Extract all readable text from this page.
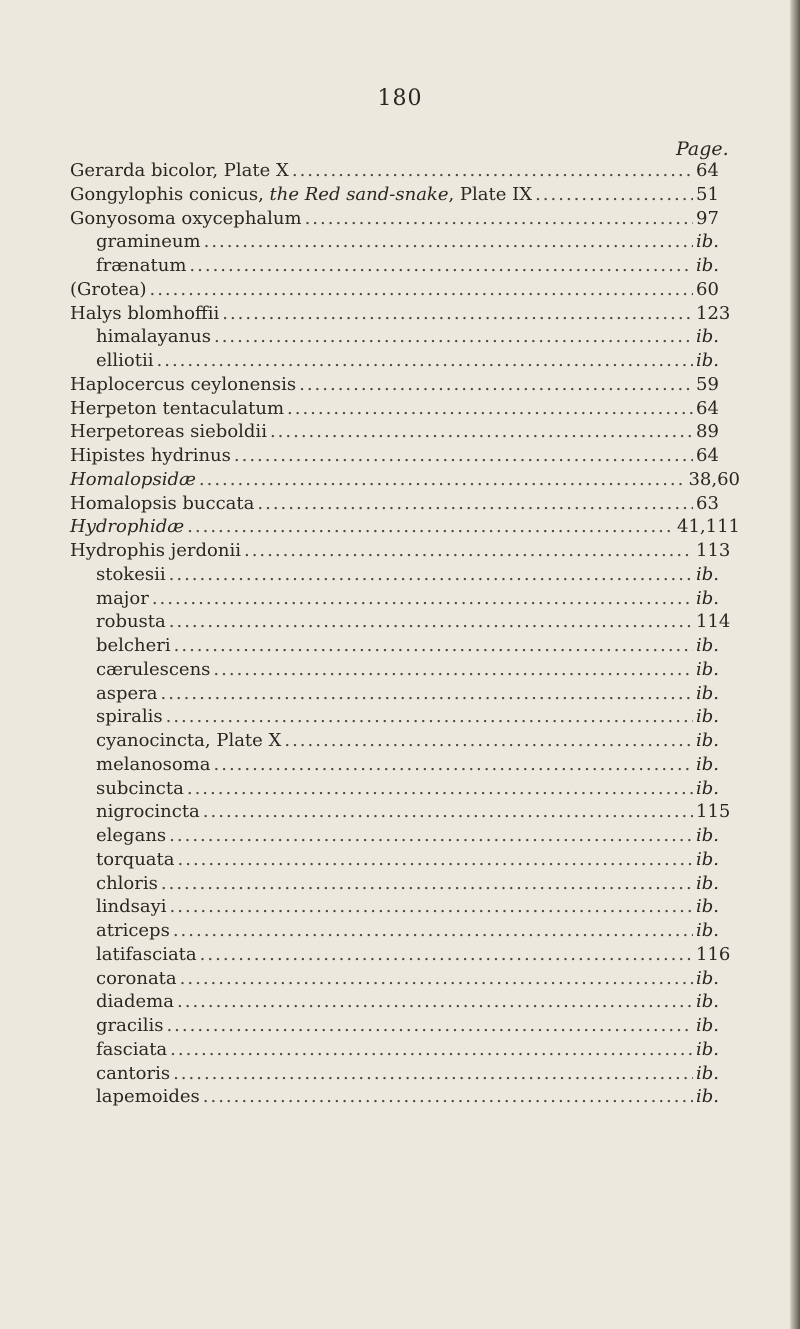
180
Page.
Gerarda bicolor, Plate X .....	64
Gongylophis conicus, the Red sand-snake, Plate IX .....	51
Gonyosoma oxycephalum .....	97
gramineum .....	ib.
frænatum .....	ib.
(Grotea) .....	60
Halys blomhoffii .....	123
himalayanus .....	ib.
elliotii .....	ib.
Haplocercus ceylonensis .....	59
Herpeton tentaculatum .....	64
Herpetoreas sieboldii .....	89
Hipistes hydrinus .....	64
Homalopsidæ .....	38,60
Homalopsis buccata .....	63
Hydrophidæ .....	41,111
Hydrophis jerdonii .....	113
stokesii .....	ib.
major .....	ib.
robusta .....	114
belcheri .....	ib.
cærulescens .....	ib.
aspera .....	ib.
spiralis .....	ib.
cyanocincta, Plate X .....	ib.
melanosoma .....	ib.
subcincta .....	ib.
nigrocincta .....	115
elegans .....	ib.
torquata .....	ib.
chloris .....	ib.
lindsayi .....	ib.
atriceps .....	ib.
latifasciata .....	116
coronata .....	ib.
diadema .....	ib.
gracilis .....	ib.
fasciata .....	ib.
cantoris .....	ib.
lapemoides .....	ib.
